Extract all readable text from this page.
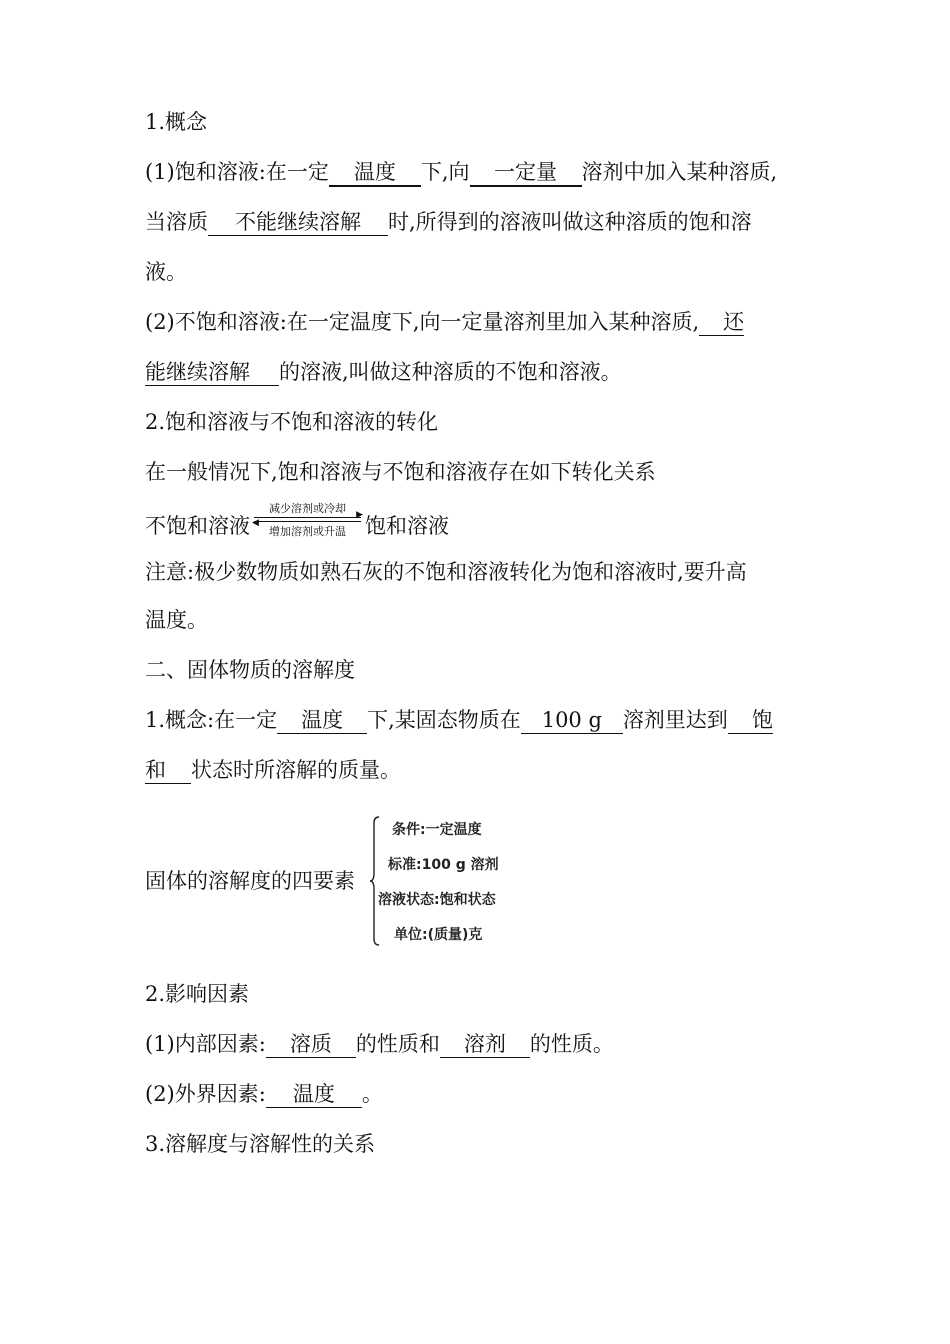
1.概念
(1)饱和溶液:在一定 温度 下,向 一定量 溶剂中加入某种溶质,
当溶质 不能继续溶解 时,所得到的溶液叫做这种溶质的饱和溶
液。
(2)不饱和溶液:在一定温度下,向一定量溶剂里加入某种溶质, 还
能继续溶解 的溶液,叫做这种溶质的不饱和溶液。
2.饱和溶液与不饱和溶液的转化
在一般情况下,饱和溶液与不饱和溶液存在如下转化关系
不饱和溶液
减少溶剂或冷却	▶
◀
增加溶剂或升温 饱和溶液
注意:极少数物质如熟石灰的不饱和溶液转化为饱和溶液时,要升高
温度。
二、固体物质的溶解度
1.概念:在一定 温度 下,某固态物质在 100 g 溶剂里达到 饱
和 状态时所溶解的质量。
固体的溶解度的四要素
条件:一定温度
标准:100 g 溶剂
溶液状态:饱和状态
单位:(质量)克
2.影响因素
(1)内部因素: 溶质 的性质和 溶剂 的性质。
(2)外界因素: 温度 。
3.溶解度与溶解性的关系
